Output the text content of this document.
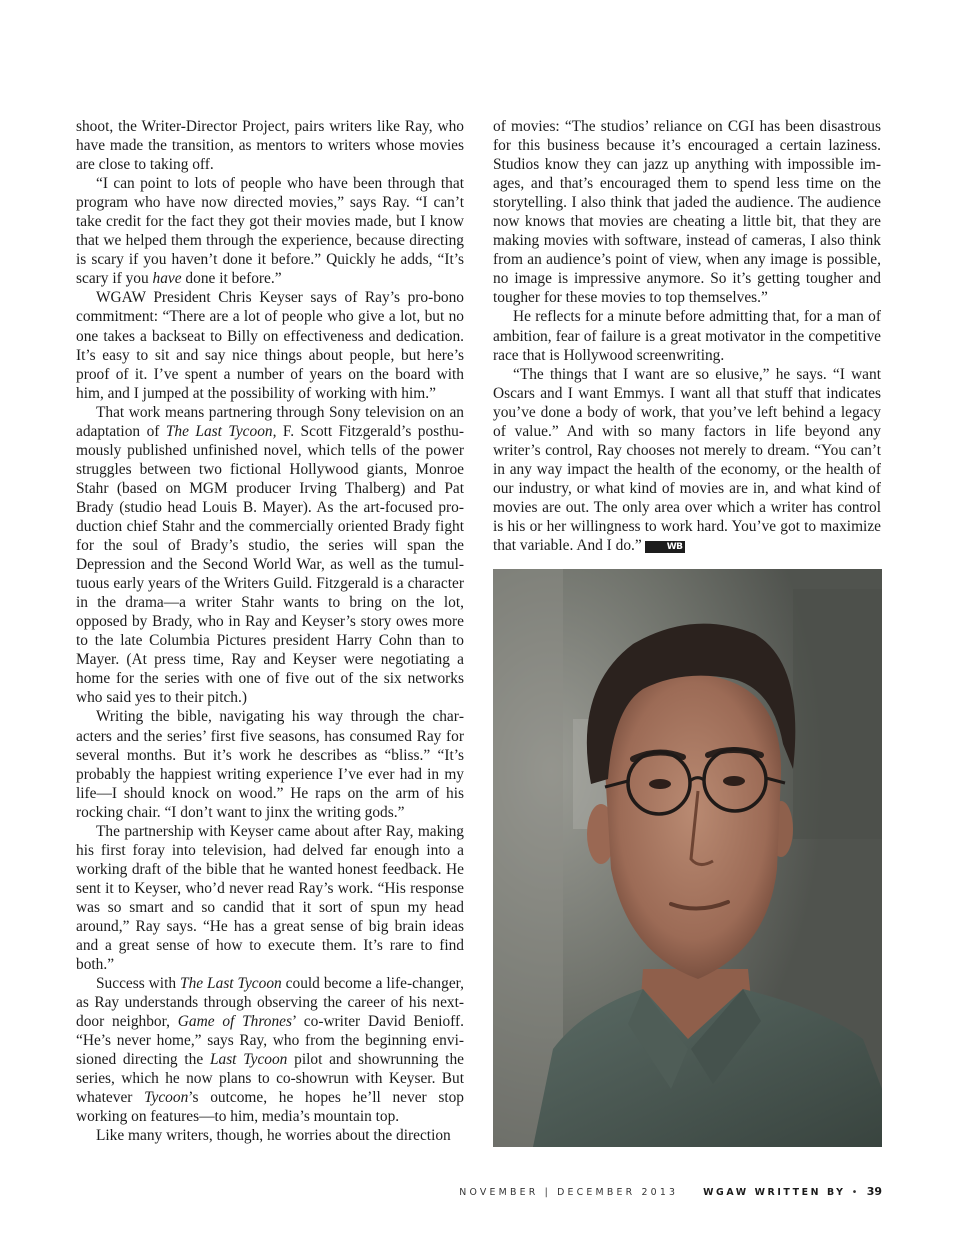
shoot, the Writer-Director Project, pairs writers like Ray, who have made the transition, as mentors to writers whose movies are close to taking off.

“I can point to lots of people who have been through that program who have now directed movies,” says Ray. “I can’t take credit for the fact they got their movies made, but I know that we helped them through the experience, because directing is scary if you haven’t done it before.” Quickly he adds, “It’s scary if you have done it before.”

WGAW President Chris Keyser says of Ray’s pro-bono commitment: “There are a lot of people who give a lot, but no one takes a backseat to Billy on effectiveness and dedication. It’s easy to sit and say nice things about people, but here’s proof of it. I’ve spent a number of years on the board with him, and I jumped at the possibility of working with him.”

That work means partnering through Sony television on an adaptation of The Last Tycoon, F. Scott Fitzgerald’s posthumously published unfinished novel, which tells of the power struggles between two fictional Hollywood giants, Monroe Stahr (based on MGM producer Irving Thalberg) and Pat Brady (studio head Louis B. Mayer). As the art-focused production chief Stahr and the commercially oriented Brady fight for the soul of Brady’s studio, the series will span the Depression and the Second World War, as well as the tumultuous early years of the Writers Guild. Fitzgerald is a character in the drama—a writer Stahr wants to bring on the lot, opposed by Brady, who in Ray and Keyser’s story owes more to the late Columbia Pictures president Harry Cohn than to Mayer. (At press time, Ray and Keyser were negotiating a home for the series with one of five out of the six networks who said yes to their pitch.)

Writing the bible, navigating his way through the characters and the series’ first five seasons, has consumed Ray for several months. But it’s work he describes as “bliss.” “It’s probably the happiest writing experience I’ve ever had in my life—I should knock on wood.” He raps on the arm of his rocking chair. “I don’t want to jinx the writing gods.”

The partnership with Keyser came about after Ray, making his first foray into television, had delved far enough into a working draft of the bible that he wanted honest feedback. He sent it to Keyser, who’d never read Ray’s work. “His response was so smart and so candid that it sort of spun my head around,” Ray says. “He has a great sense of big brain ideas and a great sense of how to execute them. It’s rare to find both.”

Success with The Last Tycoon could become a life-changer, as Ray understands through observing the career of his next-door neighbor, Game of Thrones’ co-writer David Benioff. “He’s never home,” says Ray, who from the beginning envisioned directing the Last Tycoon pilot and showrunning the series, which he now plans to co-showrun with Keyser. But whatever Tycoon’s outcome, he hopes he’ll never stop working on features—to him, media’s mountain top.

Like many writers, though, he worries about the direction

of movies: “The studios’ reliance on CGI has been disastrous for this business because it’s encouraged a certain laziness. Studios know they can jazz up anything with impossible images, and that’s encouraged them to spend less time on the storytelling. I also think that jaded the audience. The audience now knows that movies are cheating a little bit, that they are making movies with software, instead of cameras, I also think from an audience’s point of view, when any image is possible, no image is impressive anymore. So it’s getting tougher and tougher for these movies to top themselves.”

He reflects for a minute before admitting that, for a man of ambition, fear of failure is a great motivator in the competitive race that is Hollywood screenwriting.

“The things that I want are so elusive,” he says. “I want Oscars and I want Emmys. I want all that stuff that indicates you’ve done a body of work, that you’ve left behind a legacy of value.” And with so many factors in life beyond any writer’s control, Ray chooses not merely to dream. “You can’t in any way impact the health of the economy, or the health of our industry, or what kind of movies are in, and what kind of movies are out. The only area over which a writer has control is his or her willingness to work hard. You’ve got to maximize that variable. And I do.”	WB

NOVEMBER | DECEMBER 2013  	WGAW WRITTEN BY • 39
